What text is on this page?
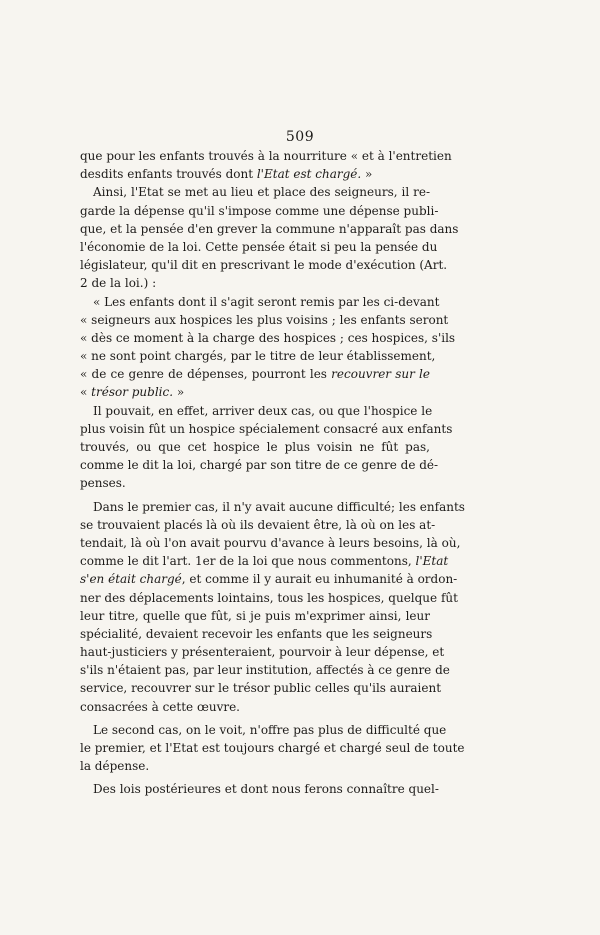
509
que pour les enfants trouvés à la nourriture « et à l'entretien
desdits enfants trouvés dont l'Etat est chargé. »
Ainsi, l'Etat se met au lieu et place des seigneurs, il re-
garde la dépense qu'il s'impose comme une dépense publi-
que, et la pensée d'en grever la commune n'apparaît pas dans
l'économie de la loi. Cette pensée était si peu la pensée du
législateur, qu'il dit en prescrivant le mode d'exécution (Art.
2 de la loi.) :
« Les enfants dont il s'agit seront remis par les ci-devant
« seigneurs aux hospices les plus voisins ; les enfants seront
« dès ce moment à la charge des hospices ; ces hospices, s'ils
« ne sont point chargés, par le titre de leur établissement,
« de ce genre de dépenses, pourront les recouvrer sur le
« trésor public. »
Il pouvait, en effet, arriver deux cas, ou que l'hospice le
plus voisin fût un hospice spécialement consacré aux enfants
trouvés, ou que cet hospice le plus voisin ne fût pas,
comme le dit la loi, chargé par son titre de ce genre de dé-
penses.
Dans le premier cas, il n'y avait aucune difficulté; les enfants
se trouvaient placés là où ils devaient être, là où on les at-
tendait, là où l'on avait pourvu d'avance à leurs besoins, là où,
comme le dit l'art. 1er de la loi que nous commentons, l'Etat
s'en était chargé, et comme il y aurait eu inhumanité à ordon-
ner des déplacements lointains, tous les hospices, quelque fût
leur titre, quelle que fût, si je puis m'exprimer ainsi, leur
spécialité, devaient recevoir les enfants que les seigneurs
haut-justiciers y présenteraient, pourvoir à leur dépense, et
s'ils n'étaient pas, par leur institution, affectés à ce genre de
service, recouvrer sur le trésor public celles qu'ils auraient
consacrées à cette œuvre.
Le second cas, on le voit, n'offre pas plus de difficulté que
le premier, et l'Etat est toujours chargé et chargé seul de toute
la dépense.
Des lois postérieures et dont nous ferons connaître quel-
